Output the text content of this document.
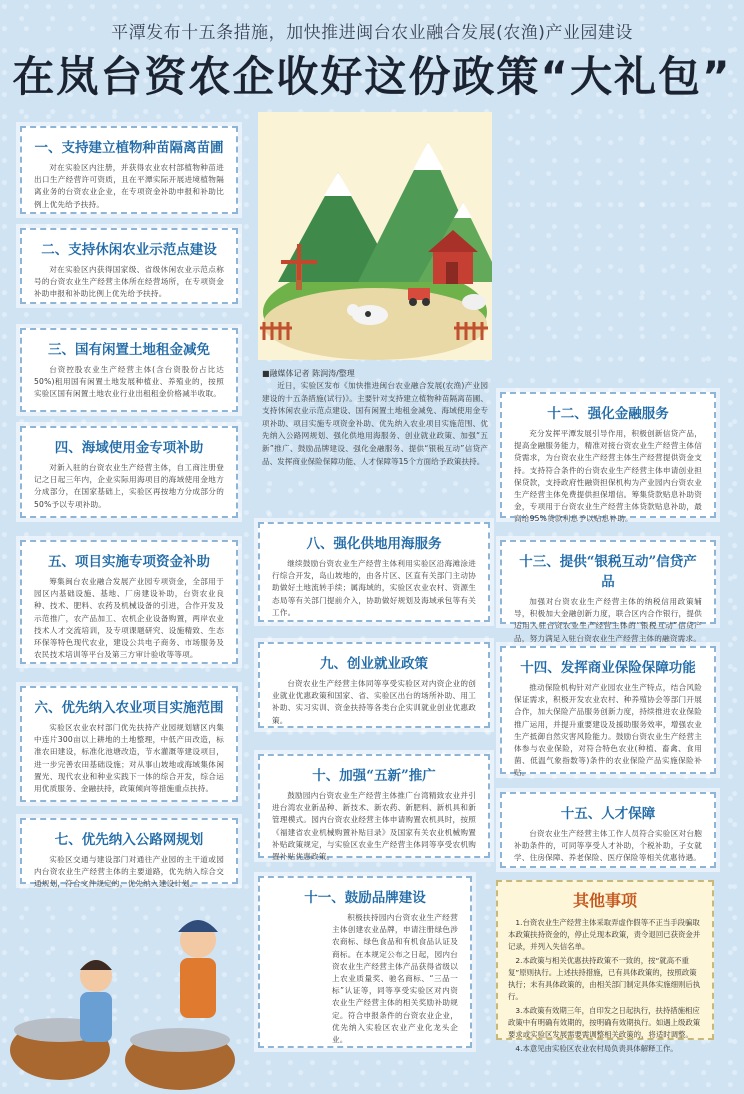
平潭发布十五条措施，加快推进闽台农业融合发展(农渔)产业园建设
在岚台资农企收好这份政策“大礼包”
一、支持建立植物种苗隔离苗圃

对在实验区内注册，并获得农业农村部植物种苗进出口生产经营许可资质，且在平潭实际开展进境植物隔离业务的台资农业企业，在专项资金补助申报和补助比例上优先给予扶持。

二、支持休闲农业示范点建设

对在实验区内获得国家级、省级休闲农业示范点称号的台资农业生产经营主体所在经营场所，在专项资金补助申报和补助比例上优先给予扶持。

三、国有闲置土地租金减免

台资控股农业生产经营主体(含台资股份占比达50%)租用国有闲置土地发展种植业、养殖业的，按照实验区国有闲置土地农业行业出租租金价格减半收取。

四、海域使用金专项补助

对新入驻的台资农业生产经营主体，自工商注册登记之日起三年内，企业实际用海项目的海域使用金地方分成部分，在国家基础上，实验区再按地方分成部分的50%予以专项补助。

五、项目实施专项资金补助

筹集闽台农业融合发展产业园专项资金，全部用于园区内基础设施、基地、厂房建设补助，台资农业良种、技术、肥料、农药及机械设备的引进，合作开发及示范推广，农产品加工、农机企业设备购置，两岸农业技术人才交流培训，及专项课题研究、设施精致、生态环保等特色现代农业，建设公共电子商务、市场服务及农民技术培训等平台及第三方审计验收等等项。

六、优先纳入农业项目实施范围

实验区农业农村部门优先扶持产业园规划辖区内集中连片300亩以上耕地的土地整理，中低产田改造，标准农田建设，标准化池塘改造，节水灌溉等建设项目，进一步完善农田基础设施；对从事山坡地或海域集体闲置光、现代农业和种业实践下一体的综合开发，综合运用优质服务、金融扶持，政策倾向等措施重点扶持。

七、优先纳入公路网规划

实验区交通与建设部门对通往产业园的主干道或园内台资农业生产经营主体的主要道路，优先纳入综合交通规划，符合文件规定的，优先纳入建设计划。

■融媒体记者 陈润涛/整理

近日，实验区发布《加快推进闽台农业融合发展(农渔)产业园建设的十五条措施(试行)》。主要针对支持建立植物种苗隔离苗圃、支持休闲农业示范点建设、国有闲置土地租金减免、海域使用金专项补助、项目实施专项资金补助、优先纳入农业项目实施范围、优先纳入公路网规划、强化供地用海服务、创业就业政策、加强“五新”推广、鼓励品牌建设、强化金融服务、提供“银税互动”信贷产品、发挥商业保险保障功能、人才保障等15个方面给予政策扶持。

八、强化供地用海服务

继续鼓励台资农业生产经营主体利用实验区沿海滩涂进行综合开发，岛山坡地的，由各片区、区直有关部门主动协助做好土地流转手续；属海域的，实验区农业农村、资源生态局等有关部门提前介入，协助做好规划及海域承包等有关工作。

九、创业就业政策

台资农业生产经营主体同等享受实验区对内资企业的创业就业优惠政策和国家、省、实验区出台的场所补助、用工补助、实习实训、资金扶持等各类台企实训就业创业优惠政策。

十、加强“五新”推广

鼓励园内台资农业生产经营主体推广台湾精致农业并引进台湾农业新品种、新技术、新农药、新肥料、新机具和新管理模式。园内台资农业经营主体申请购置农机具时，按照《福建省农业机械购置补贴目录》及国家有关农业机械购置补贴政策规定，与实验区农业生产经营主体同等享受农机购置补贴优惠政策。

十一、鼓励品牌建设

积极扶持园内台资农业生产经营主体创建农业品牌，申请注册绿色涉农商标、绿色食品和有机食品认证及商标。在本规定公布之日起，园内台资农业生产经营主体产品获得省级以上农业质量奖、驰名商标、“三品一标”认证等，同等享受实验区对内资农业生产经营主体的相关奖励补助规定。符合申报条件的台资农业企业，优先纳入实验区农业产业化龙头企业。

十二、强化金融服务

充分发挥平潭发展引导作用，积极创新信贷产品，提高金融服务能力，精准对接台资农业生产经营主体信贷需求，为台资农业生产经营主体生产经营提供资金支持。支持符合条件的台资农业生产经营主体申请创业担保贷款，支持政府性融资担保机构为产业园内台资农业生产经营主体免费提供担保增信。筹集贷款贴息补助资金，专项用于台资农业生产经营主体贷款贴息补助，最高给95%贷款利息予以贴息补助。

十三、提供“银税互动”信贷产品

加强对台资农业生产经营主体的纳税信用政策辅导，积极加大金融创新力度，联合区内合作银行，提供适用入驻台资农业生产经营主体的“银税互动”信贷产品，努力满足入驻台资农业生产经营主体的融资需求。

十四、发挥商业保险保障功能

推动保险机构针对产业园农业生产特点，结合风险保证需求，积极开发农业农村、种养殖协会等部门开展合作，加大保险产品服务创新力度，持续推进农业保险推广运用，并提升重要建设及援助服务效率，增强农业生产抵御自然灾害风险能力。鼓励台资农业生产经营主体参与农业保险，对符合特色农业(种植、畜禽、食用菌、低温气象指数等)条件的农业保险产品实施保险补贴。

十五、人才保障

台资农业生产经营主体工作人员符合实验区对台胞补助条件的，可同等享受人才补助，个税补助，子女就学、住房保障、养老保险、医疗保险等相关优惠待遇。

其他事项

1.台资农业生产经营主体采取弄虚作假等不正当手段骗取本政策扶持资金的，停止兑现本政策，责令退回已获资金并记录，并列入失信名单。

2.本政策与相关优惠扶持政策不一致的，按“就高不重复”原则执行。上述扶持措施，已有具体政策的，按照政策执行；未有具体政策的，由相关部门制定具体实施细则后执行。

3.本政策有效期三年，自印发之日起执行，扶持措施相应政策中有明确有效期的，按明确有效期执行。如遇上级政策要求或实验区发展需要需调整相关政策的，将适时调整。

4.本意见由实验区农业农村局负责具体解释工作。
